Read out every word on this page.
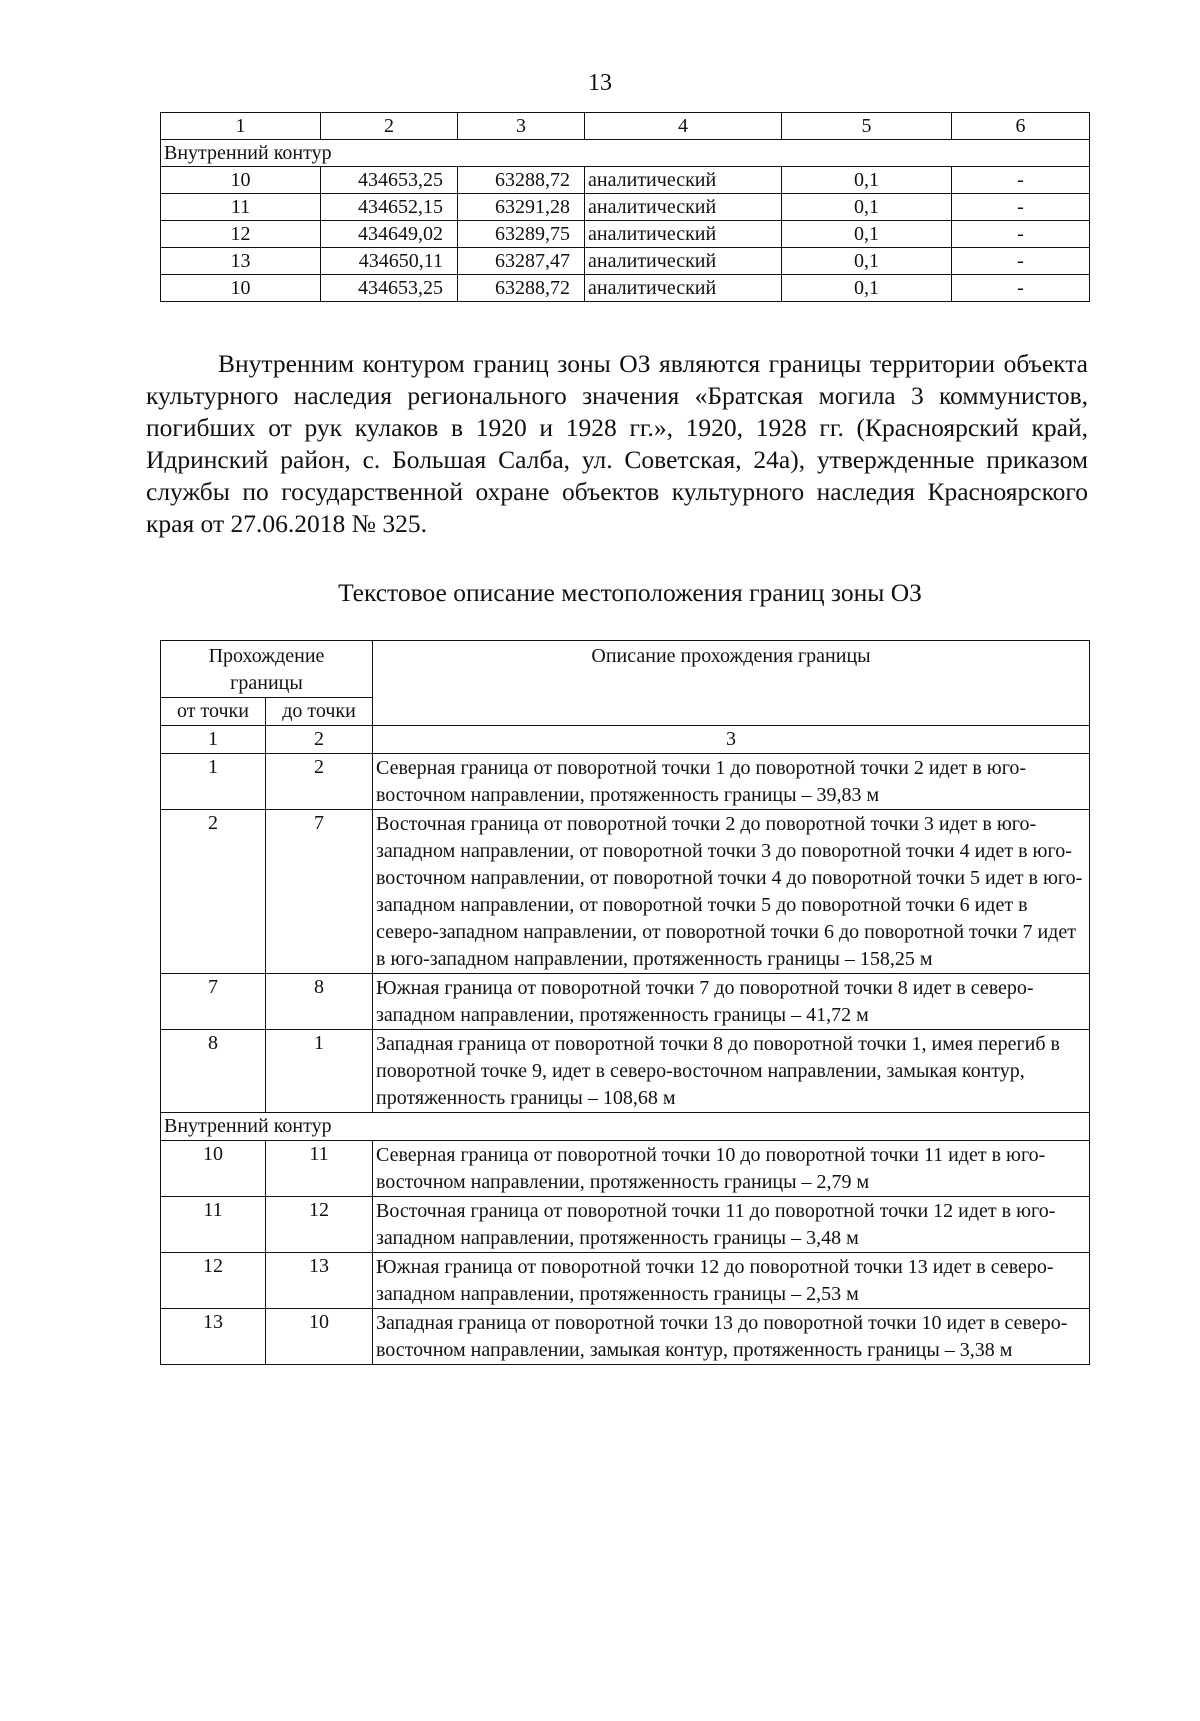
13
1	2	3	4	5	6
Внутренний контур					
10	434653,25	63288,72	аналитический	0,1	-
11	434652,15	63291,28	аналитический	0,1	-
12	434649,02	63289,75	аналитический	0,1	-
13	434650,11	63287,47	аналитический	0,1	-
10	434653,25	63288,72	аналитический	0,1	-
Внутренним контуром границ зоны ОЗ являются границы территории объекта культурного наследия регионального значения «Братская могила 3 коммунистов, погибших от рук кулаков в 1920 и 1928 гг.», 1920, 1928 гг. (Красноярский край, Идринский район, с. Большая Салба, ул. Советская, 24а), утвержденные приказом службы по государственной охране объектов культурного наследия Красноярского края от 27.06.2018 № 325.
Текстовое описание местоположения границ зоны ОЗ
Прохождение границы		Описание прохождения границы
от точки	до точки	
1	2	3
1	2	Северная граница от поворотной точки 1 до поворотной точки 2 идет в юго-восточном направлении, протяженность границы – 39,83 м
2	7	Восточная граница от поворотной точки 2 до поворотной точки 3 идет в юго-западном направлении, от поворотной точки 3 до поворотной точки 4 идет в юго-восточном направлении, от поворотной точки 4 до поворотной точки 5 идет в юго- западном направлении, от поворотной точки 5 до поворотной точки 6 идет в северо-западном направлении, от поворотной точки 6 до поворотной точки 7 идет в юго-западном направлении, протяженность границы – 158,25 м
7	8	Южная граница от поворотной точки 7 до поворотной точки 8 идет в северо-западном направлении, протяженность границы – 41,72 м
8	1	Западная граница от поворотной точки 8 до поворотной точки 1, имея перегиб в поворотной точке 9, идет в северо-восточном направлении, замыкая контур, протяженность границы – 108,68 м
Внутренний контур		
10	11	Северная граница от поворотной точки 10 до поворотной точки 11 идет в юго-восточном направлении, протяженность границы – 2,79 м
11	12	Восточная граница от поворотной точки 11 до поворотной точки 12 идет в юго-западном направлении, протяженность границы – 3,48 м
12	13	Южная граница от поворотной точки 12 до поворотной точки 13 идет в северо-западном направлении, протяженность границы – 2,53 м
13	10	Западная граница от поворотной точки 13 до поворотной точки 10 идет в северо-восточном направлении, замыкая контур, протяженность границы – 3,38 м
